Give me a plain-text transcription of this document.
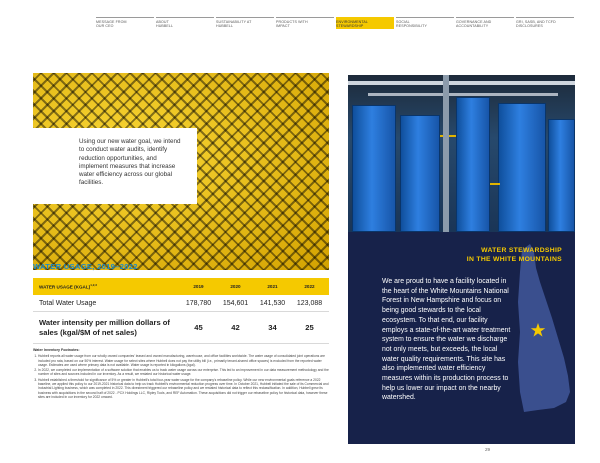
MESSAGE FROM
OUR CEO
ABOUT
HUBBELL
SUSTAINABILITY AT
HUBBELL
PRODUCTS WITH
IMPACT
ENVIRONMENTAL
STEWARDSHIP
SOCIAL
RESPONSIBILITY
GOVERNANCE AND
ACCOUNTABILITY
GRI, SASB, AND TCFD
DISCLOSURES

Using our new water goal, we intend to conduct water audits, identify reduction opportunities, and implement measures that increase water efficiency across our global facilities.

WATER USAGE, 2019–2022
WATER USAGE (KGAL)$^{1,2,3}$	2019	2020	2021	2022
Total Water Usage	178,780	154,601	141,530	123,088
Water intensity per million dollars of sales (kgal/$M of net sales)	45	42	34	25
Water Inventory Footnotes:
1. Hubbell reports all water usage from our wholly owned companies' leased and owned manufacturing, warehouse, and office facilities worldwide. The water usage of consolidated joint operations are included pro rata, based on our 50% interest. Water usage for select sites where Hubbell does not pay the utility bill (i.e., primarily tenant-shared office spaces) is excluded from the reported water usage. Estimates are used where primary data is not available. Water usage is reported in kilogallons (kgal).
2. In 2022, we completed our implementation of a software solution that enables us to track water usage across our enterprise. This led to an improvement in our data measurement methodology and the number of sites and sources included in our inventory. As a result, we restated our historical water usage.
3. Hubbell established a threshold for significance of 5% or greater in Hubbell's total four-year water usage for the company's rebaseline policy. While our new environmental goals reference a 2022 baseline, we applied this policy to our 2019-2021 historical data to help us track Hubbell's environmental reduction progress over time. In October 2021, Hubbell initiated the sale of its Commercial and Industrial Lighting business, which was completed in 2022. This divestment triggered our rebaseline policy and we restated historical data to reflect this reclassification. In addition, Hubbell grew its business with acquisitions in the second half of 2022 - PCX Holdings LLC, Ripley Tools, and REF Automation. These acquisitions did not trigger our rebaseline policy for historical data, however these sites are included in our inventory for 2022 onward.
WATER STEWARDSHIP
IN THE WHITE MOUNTAINS

We are proud to have a facility located in the heart of the White Mountains National Forest in New Hampshire and focus on being good stewards to the local ecosystem. To that end, our facility employs a state-of-the-art water treatment system to ensure the water we discharge not only meets, but exceeds, the local water quality requirements. This site has also implemented water efficiency measures within its production process to help us lower our impact on the nearby watershed.

29
